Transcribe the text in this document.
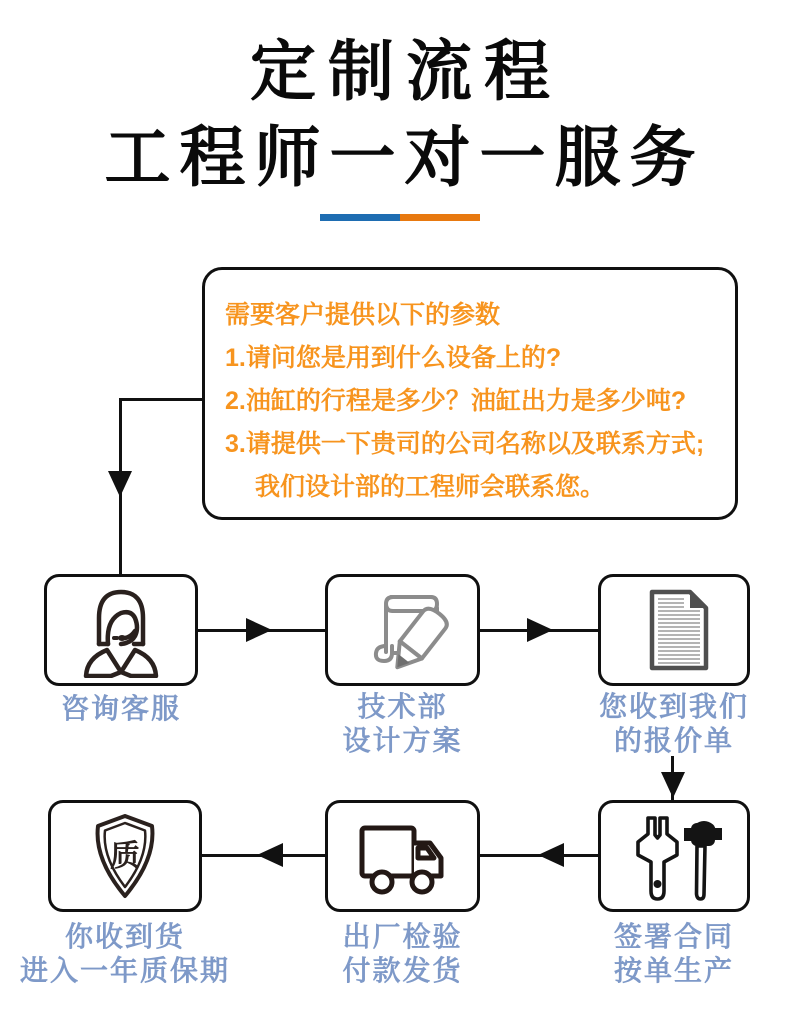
定制流程
工程师一对一服务
需要客户提供以下的参数
1.请问您是用到什么设备上的?
2.油缸的行程是多少？油缸出力是多少吨?
3.请提供一下贵司的公司名称以及联系方式;
我们设计部的工程师会联系您。
咨询客服	技术部
设计方案
您收到我们
的报价单
质
签署合同
按单生产
出厂检验
付款发货
你收到货
进入一年质保期
